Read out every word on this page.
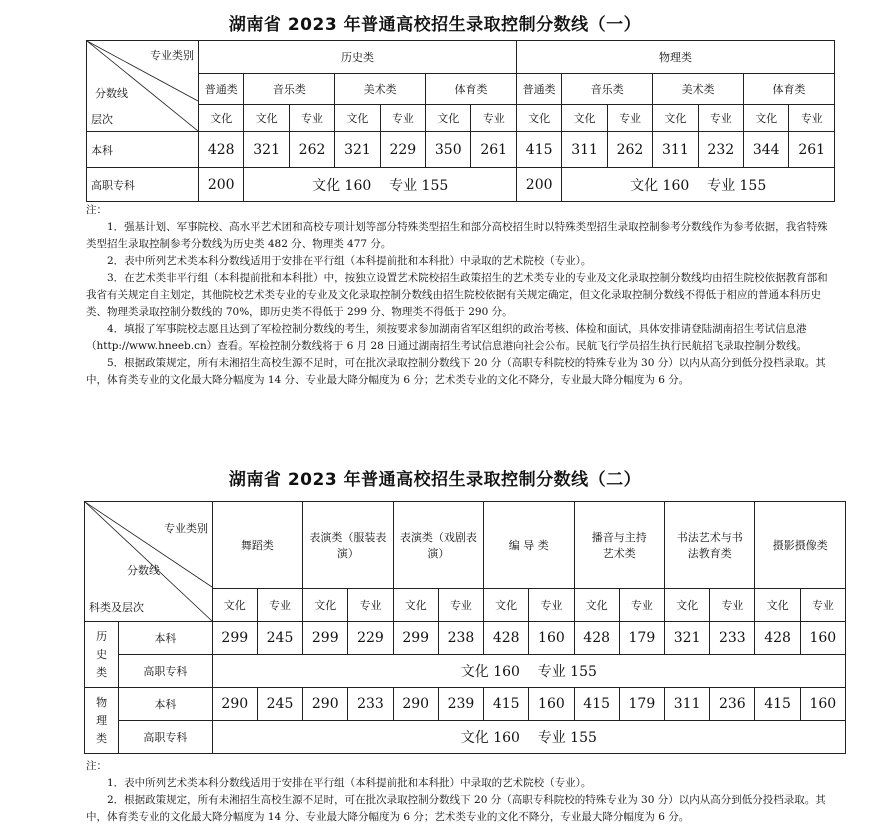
湖南省 2023 年普通高校招生录取控制分数线（一）
专业类别
分数线
层次	历史类							物理类						
	普通类	音乐类		美术类		体育类		普通类	音乐类		美术类		体育类	
	文化	文化	专业	文化	专业	文化	专业	文化	文化	专业	文化	专业	文化	专业
本科	428	321	262	321	229	350	261	415	311	262	311	232	344	261
高职专科	200	文化 160    专业 155						200	文化 160    专业 155					

注：

1．强基计划、军事院校、高水平艺术团和高校专项计划等部分特殊类型招生和部分高校招生时以特殊类型招生录取控制参考分数线作为参考依据，我省特殊类型招生录取控制参考分数线为历史类 482 分、物理类 477 分。

2．表中所列艺术类本科分数线适用于安排在平行组（本科提前批和本科批）中录取的艺术院校（专业）。

3．在艺术类非平行组（本科提前批和本科批）中，按独立设置艺术院校招生政策招生的艺术类专业的专业及文化录取控制分数线均由招生院校依据教育部和我省有关规定自主划定，其他院校艺术类专业的专业及文化录取控制分数线由招生院校依据有关规定确定，但文化录取控制分数线不得低于相应的普通本科历史类、物理类录取控制分数线的 70%，即历史类不得低于 299 分、物理类不得低于 290 分。

4．填报了军事院校志愿且达到了军检控制分数线的考生，须按要求参加湖南省军区组织的政治考核、体检和面试，具体安排请登陆湖南招生考试信息港（http://www.hneeb.cn）查看。军检控制分数线将于 6 月 28 日通过湖南招生考试信息港向社会公布。民航飞行学员招生执行民航招飞录取控制分数线。

5．根据政策规定，所有未湘招生高校生源不足时，可在批次录取控制分数线下 20 分（高职专科院校的特殊专业为 30 分）以内从高分到低分投档录取。其中，体育类专业的文化最大降分幅度为 14 分、专业最大降分幅度为 6 分；艺术类专业的文化不降分，专业最大降分幅度为 6 分。

湖南省 2023 年普通高校招生录取控制分数线（二）
专业类别
分数线
科类及层次		舞蹈类		表演类（服装表演）		表演类（戏剧表演）		编 导 类		播音与主持艺术类		书法艺术与书法教育类		摄影摄像类	
		文化	专业	文化	专业	文化	专业	文化	专业	文化	专业	文化	专业	文化	专业
历史类	本科	299	245	299	229	299	238	428	160	428	179	321	233	428	160
	高职专科	文化 160    专业 155													
物理类	本科	290	245	290	233	290	239	415	160	415	179	311	236	415	160
	高职专科	文化 160    专业 155													

注：

1．表中所列艺术类本科分数线适用于安排在平行组（本科提前批和本科批）中录取的艺术院校（专业）。

2．根据政策规定，所有未湘招生高校生源不足时，可在批次录取控制分数线下 20 分（高职专科院校的特殊专业为 30 分）以内从高分到低分投档录取。其中，体育类专业的文化最大降分幅度为 14 分、专业最大降分幅度为 6 分；艺术类专业的文化不降分，专业最大降分幅度为 6 分。
